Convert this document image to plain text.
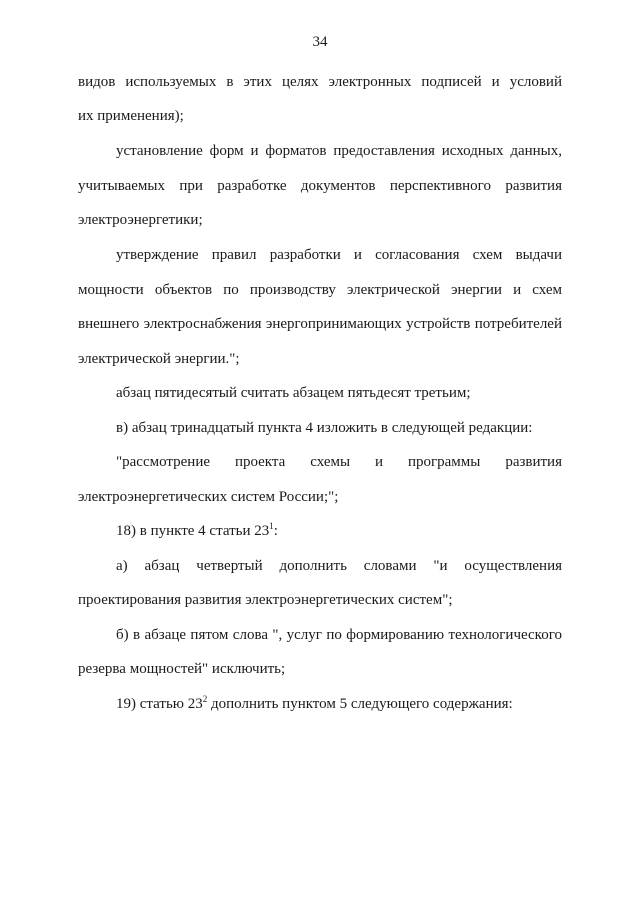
34
видов используемых в этих целях электронных подписей и условий
их применения);
установление форм и форматов предоставления исходных данных,
учитываемых при разработке документов перспективного развития
электроэнергетики;
утверждение правил разработки и согласования схем выдачи
мощности объектов по производству электрической энергии и схем
внешнего электроснабжения энергопринимающих устройств потребителей
электрической энергии.";
абзац пятидесятый считать абзацем пятьдесят третьим;
в) абзац тринадцатый пункта 4 изложить в следующей редакции:
"рассмотрение проекта схемы и программы развития
электроэнергетических систем России;";
18) в пункте 4 статьи $23^1$:
а) абзац четвертый дополнить словами "и осуществления
проектирования развития электроэнергетических систем";
б) в абзаце пятом слова ", услуг по формированию технологического
резерва мощностей" исключить;
19) статью $23^2$ дополнить пунктом 5 следующего содержания:
